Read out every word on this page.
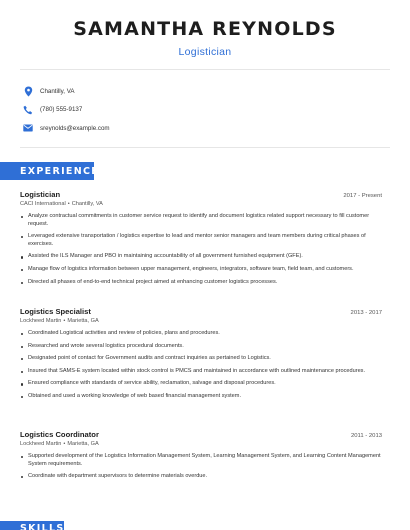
SAMANTHA REYNOLDS
Logistician
Chantilly, VA
(780) 555-9137
sreynolds@example.com
EXPERIENCE
Logistician	2017 - Present
CACI International • Chantilly, VA
Analyze contractual commitments in customer service request to identify and document logistics related support necessary to fill customer request.
Leveraged extensive transportation / logistics expertise to lead and mentor senior managers and team members during critical phases of exercises.
Assisted the ILS Manager and PBO in maintaining accountability of all government furnished equipment (GFE).
Manage flow of logistics information between upper management, engineers, integrators, software team, field team, and customers.
Directed all phases of end-to-end technical project aimed at enhancing customer logistics processes.
Logistics Specialist	2013 - 2017
Lockheed Martin • Marietta, GA
Coordinated Logistical activities and review of policies, plans and procedures.
Researched and wrote several logistics procedural documents.
Designated point of contact for Government audits and contract inquiries as pertained to Logistics.
Insured that SAMS-E system located within stock control is PMCS and maintained in accordance with outlined maintenance procedures.
Ensured compliance with standards of service ability, reclamation, salvage and disposal procedures.
Obtained and used a working knowledge of web based financial management system.
Logistics Coordinator	2011 - 2013
Lockheed Martin • Marietta, GA
Supported development of the Logistics Information Management System, Learning Management System, and Learning Content Management System requirements.
Coordinate with department supervisors to determine materials overdue.
SKILLS
